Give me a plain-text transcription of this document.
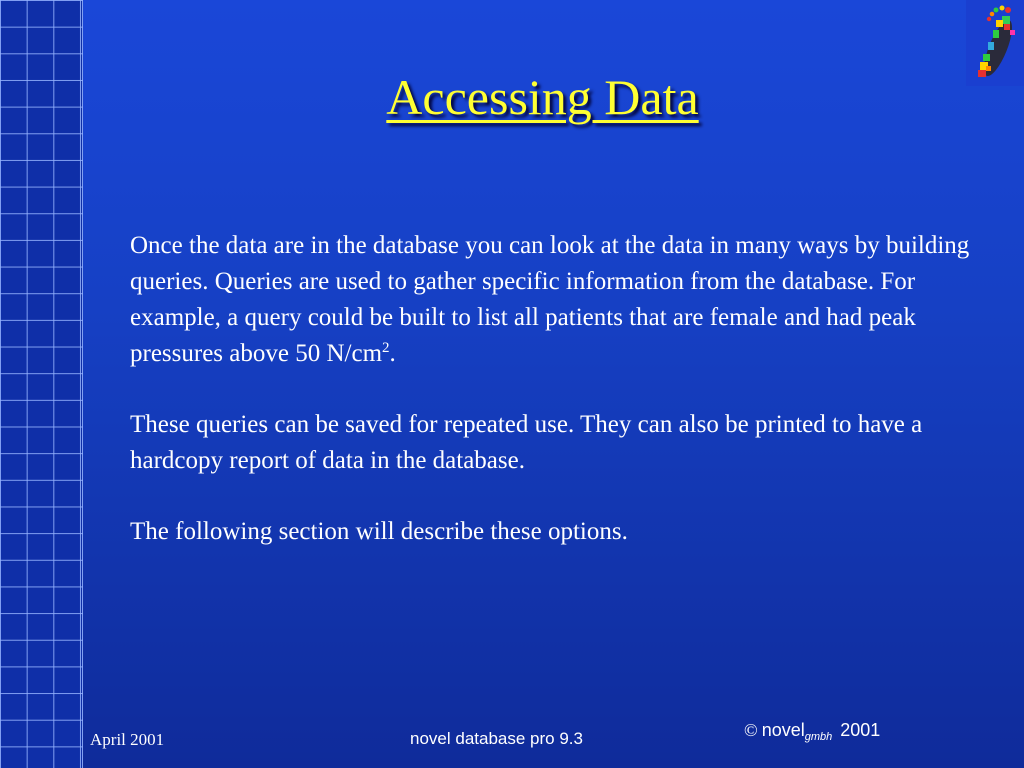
Accessing Data

Once the data are in the database you can look at the data in many ways by building queries. Queries are used to gather specific information from the database. For example, a query could be built to list all patients that are female and had peak pressures above 50 $N/cm^2$.

These queries can be saved for repeated use. They can also be printed to have a hardcopy report of data in the database.

The following section will describe these options.

April 2001	novel database pro 9.3	© novel$_{gmbh}$ 2001
